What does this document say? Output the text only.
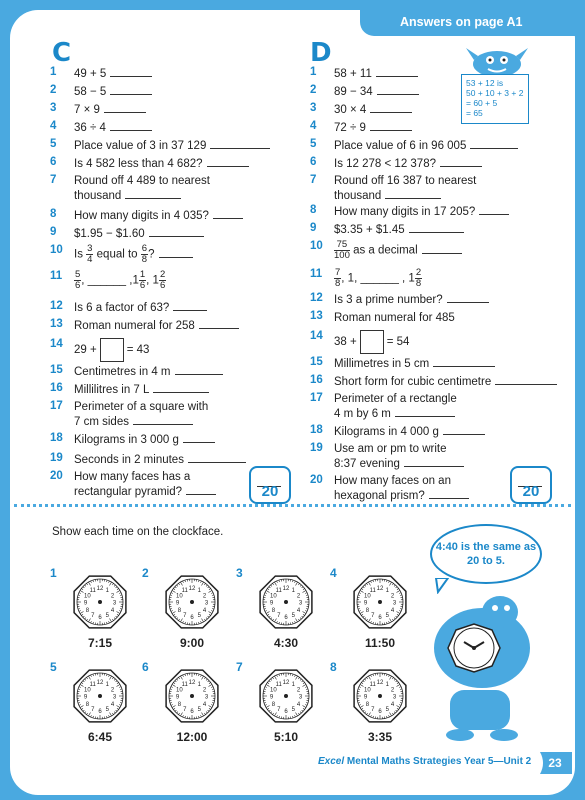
Answers on page A1
C	D
1	49 + 5
2	58 − 5
3	7 × 9
4	36 ÷ 4
5	Place value of 3 in 37 129
6	Is 4 582 less than 4 682?
7	Round off 4 489 to nearest
thousand
8	How many digits in 4 035?
9	$1.95 − $1.60
10 Is $\frac{3}{4}$ equal to $\frac{6}{8}$ ?
11	$\frac{5}{6}$ , ______ $,1 \frac{1}{6}$ , $1 \frac{2}{6}$
12 Is 6 a factor of 63?
13 Roman numeral for 258
14
29 +	= 43
15 Centimetres in 4 m
16 Millilitres in 7 L
17 Perimeter of a square with
7 cm sides
18 Kilograms in 3 000 g
19 Seconds in 2 minutes
20 How many faces has a
rectangular pyramid?
1	58 + 11
2	89 − 34
3	30 × 4
4	72 ÷ 9
5	Place value of 6 in 96 005
6	Is 12 278 < 12 378?
7	Round off 16 387 to nearest
thousand
8	How many digits in 17 205?
9	$3.35 + $1.45
10	$\frac{75}{100}$ as a decimal
11	$\frac{7}{8}$ , 1, ______ , $1 \frac{2}{8}$
12 Is 3 a prime number?
13 Roman numeral for 485
14
38 +	= 54
15 Millimetres in 5 cm
16 Short form for cubic centimetre
17 Perimeter of a rectangle
4 m by 6 m
18 Kilograms in 4 000 g
19 Use am or pm to write
8:37 evening
20 How many faces on an
hexagonal prism?
20	20
53 + 12 is
50 + 10 + 3 + 2
= 60 + 5
= 65
Show each time on the clockface.
4:40 is the same as 20 to 5.
1
12 1
2
3
4
5
6
7
8
9
10
11
7:15
2
12 1
2
3
4
5
6
7
8
9
10
11
9:00
3
12 1
2
3
4
5
6
7
8
9
10
11
4:30
4
12 1
2
3
4
5
6
7
8
9
10
11
11:50
5
12 1
2
3
4
5
6
7
8
9
10
11
6:45
6
12 1
2
3
4
5
6
7
8
9
10
11
12:00
7
12 1
2
3
4
5
6
7
8
9
10
11
5:10
8
12 1
2
3
4
5
6
7
8
9
10
11
3:35
Excel Mental Maths Strategies Year 5—Unit 2	23
